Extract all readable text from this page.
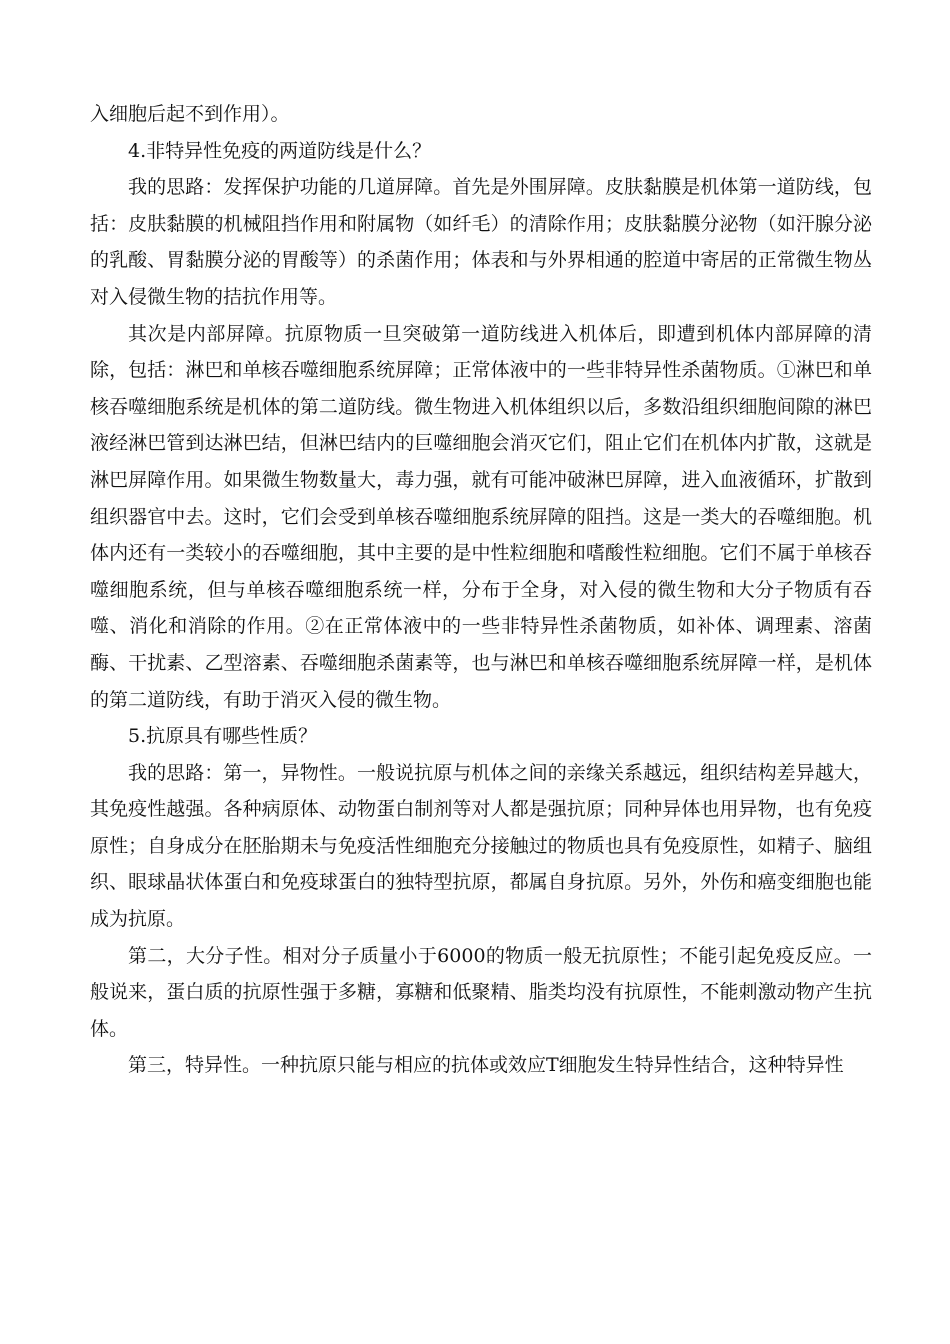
入细胞后起不到作用）。

4.非特异性免疫的两道防线是什么？

我的思路：发挥保护功能的几道屏障。首先是外围屏障。皮肤黏膜是机体第一道防线，包括：皮肤黏膜的机械阻挡作用和附属物（如纤毛）的清除作用；皮肤黏膜分泌物（如汗腺分泌的乳酸、胃黏膜分泌的胃酸等）的杀菌作用；体表和与外界相通的腔道中寄居的正常微生物丛对入侵微生物的拮抗作用等。

其次是内部屏障。抗原物质一旦突破第一道防线进入机体后，即遭到机体内部屏障的清除，包括：淋巴和单核吞噬细胞系统屏障；正常体液中的一些非特异性杀菌物质。①淋巴和单核吞噬细胞系统是机体的第二道防线。微生物进入机体组织以后，多数沿组织细胞间隙的淋巴液经淋巴管到达淋巴结，但淋巴结内的巨噬细胞会消灭它们，阻止它们在机体内扩散，这就是淋巴屏障作用。如果微生物数量大，毒力强，就有可能冲破淋巴屏障，进入血液循环，扩散到组织器官中去。这时，它们会受到单核吞噬细胞系统屏障的阻挡。这是一类大的吞噬细胞。机体内还有一类较小的吞噬细胞，其中主要的是中性粒细胞和嗜酸性粒细胞。它们不属于单核吞噬细胞系统，但与单核吞噬细胞系统一样，分布于全身，对入侵的微生物和大分子物质有吞噬、消化和消除的作用。②在正常体液中的一些非特异性杀菌物质，如补体、调理素、溶菌酶、干扰素、乙型溶素、吞噬细胞杀菌素等，也与淋巴和单核吞噬细胞系统屏障一样，是机体的第二道防线，有助于消灭入侵的微生物。

5.抗原具有哪些性质？

我的思路：第一，异物性。一般说抗原与机体之间的亲缘关系越远，组织结构差异越大，其免疫性越强。各种病原体、动物蛋白制剂等对人都是强抗原；同种异体也用异物，也有免疫原性；自身成分在胚胎期未与免疫活性细胞充分接触过的物质也具有免疫原性，如精子、脑组织、眼球晶状体蛋白和免疫球蛋白的独特型抗原，都属自身抗原。另外，外伤和癌变细胞也能成为抗原。

第二，大分子性。相对分子质量小于6000的物质一般无抗原性；不能引起免疫反应。一般说来，蛋白质的抗原性强于多糖，寡糖和低聚精、脂类均没有抗原性，不能刺激动物产生抗体。

第三，特异性。一种抗原只能与相应的抗体或效应T细胞发生特异性结合，这种特异性
